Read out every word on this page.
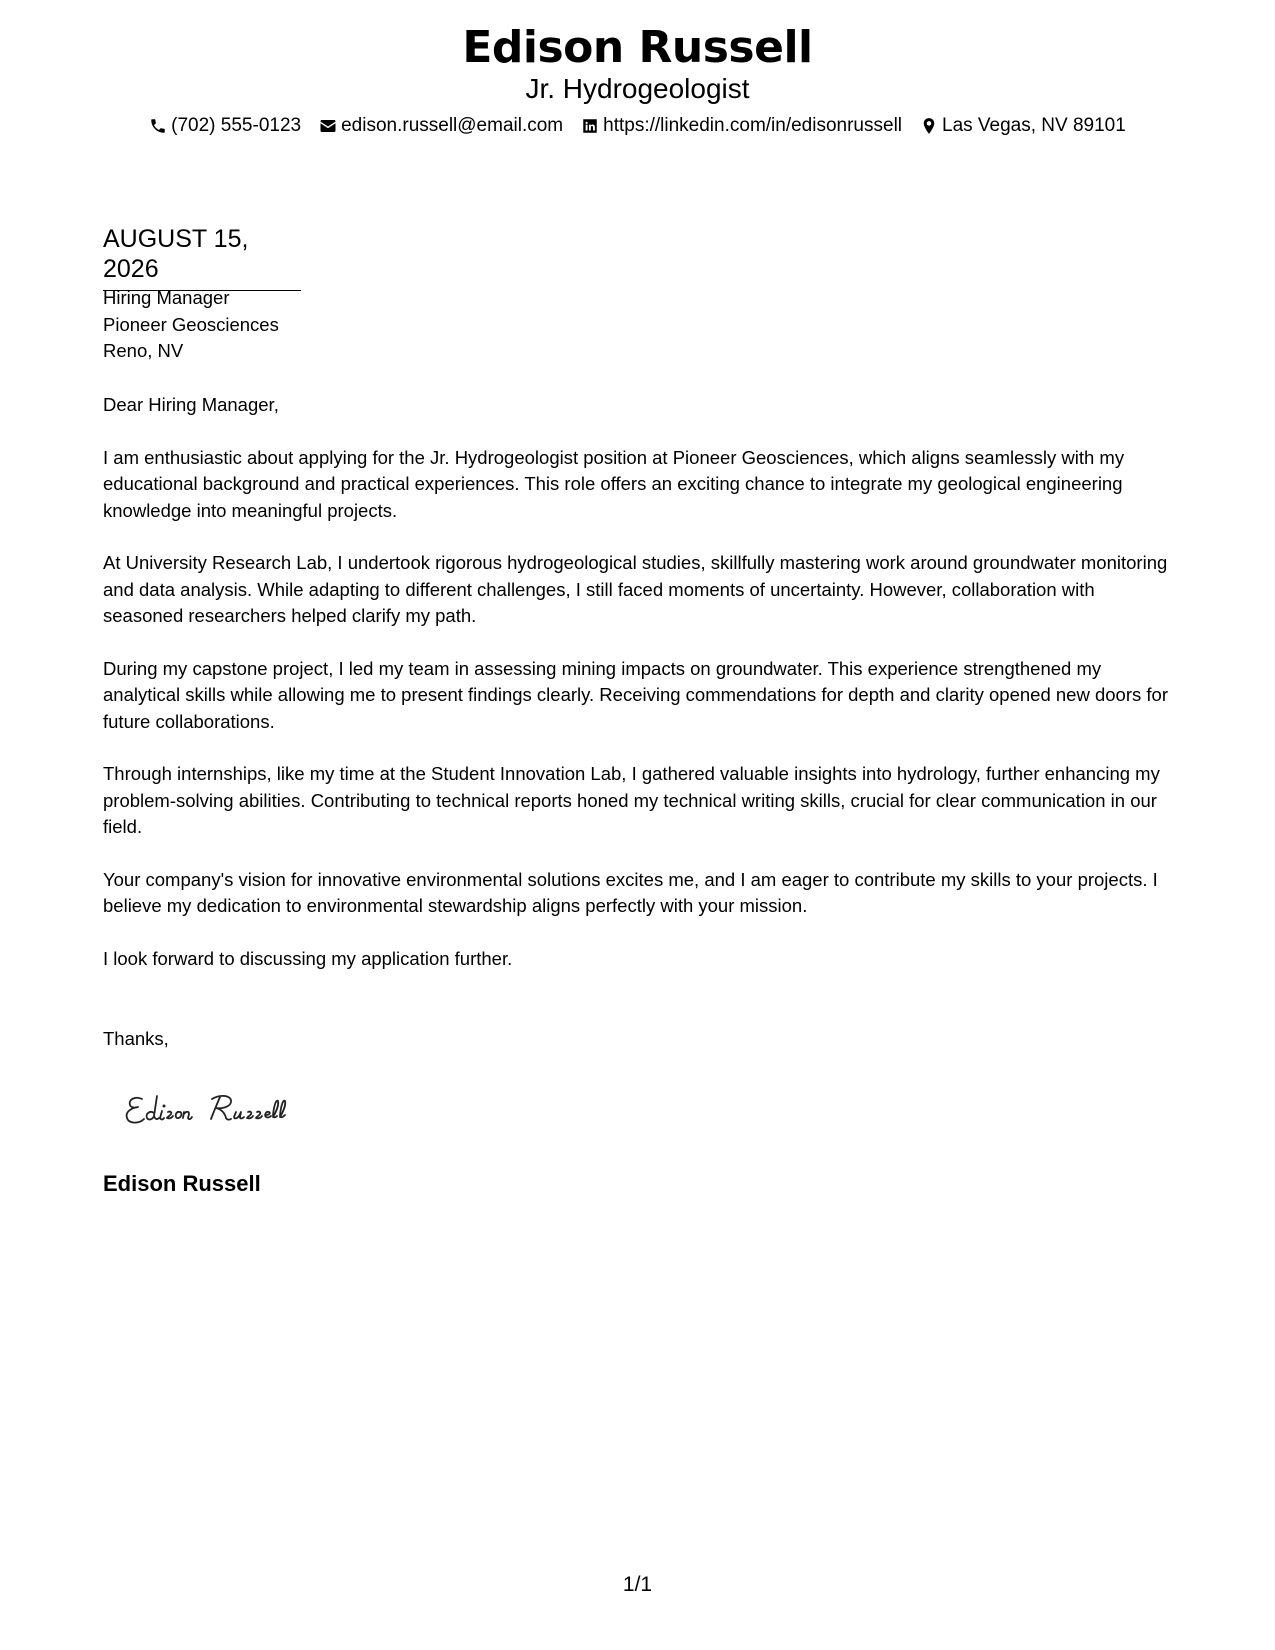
Edison Russell
Jr. Hydrogeologist
(702) 555-0123 edison.russell@email.com https://linkedin.com/in/edisonrussell Las Vegas, NV 89101
AUGUST 15, 2026
Hiring Manager
Pioneer Geosciences
Reno, NV

Dear Hiring Manager,

I am enthusiastic about applying for the Jr. Hydrogeologist position at Pioneer Geosciences, which aligns seamlessly with my educational background and practical experiences. This role offers an exciting chance to integrate my geological engineering knowledge into meaningful projects.

At University Research Lab, I undertook rigorous hydrogeological studies, skillfully mastering work around groundwater monitoring and data analysis. While adapting to different challenges, I still faced moments of uncertainty. However, collaboration with seasoned researchers helped clarify my path.

During my capstone project, I led my team in assessing mining impacts on groundwater. This experience strengthened my analytical skills while allowing me to present findings clearly. Receiving commendations for depth and clarity opened new doors for future collaborations.

Through internships, like my time at the Student Innovation Lab, I gathered valuable insights into hydrology, further enhancing my problem-solving abilities. Contributing to technical reports honed my technical writing skills, crucial for clear communication in our field.

Your company's vision for innovative environmental solutions excites me, and I am eager to contribute my skills to your projects. I believe my dedication to environmental stewardship aligns perfectly with your mission.

I look forward to discussing my application further.

Thanks,
Edison Russell
1/1
